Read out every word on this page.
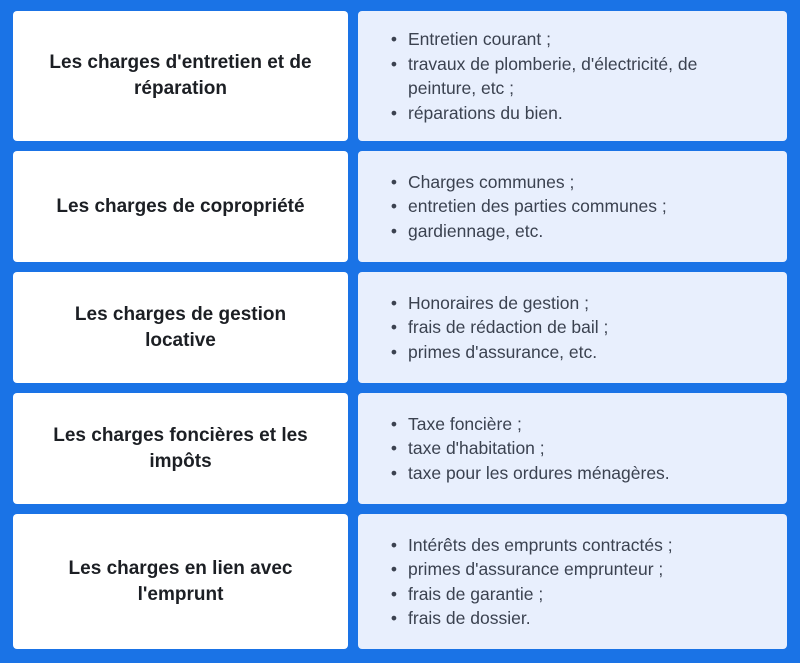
Les charges d'entretien et de réparation
• Entretien courant ;
• travaux de plomberie, d'électricité, de peinture, etc ;
• réparations du bien.
Les charges de copropriété
• Charges communes ;
• entretien des parties communes ;
• gardiennage, etc.
Les charges de gestion locative
• Honoraires de gestion ;
• frais de rédaction de bail ;
• primes d'assurance, etc.
Les charges foncières et les impôts
• Taxe foncière ;
• taxe d'habitation ;
• taxe pour les ordures ménagères.
Les charges en lien avec l'emprunt
• Intérêts des emprunts contractés ;
• primes d'assurance emprunteur ;
• frais de garantie ;
• frais de dossier.
